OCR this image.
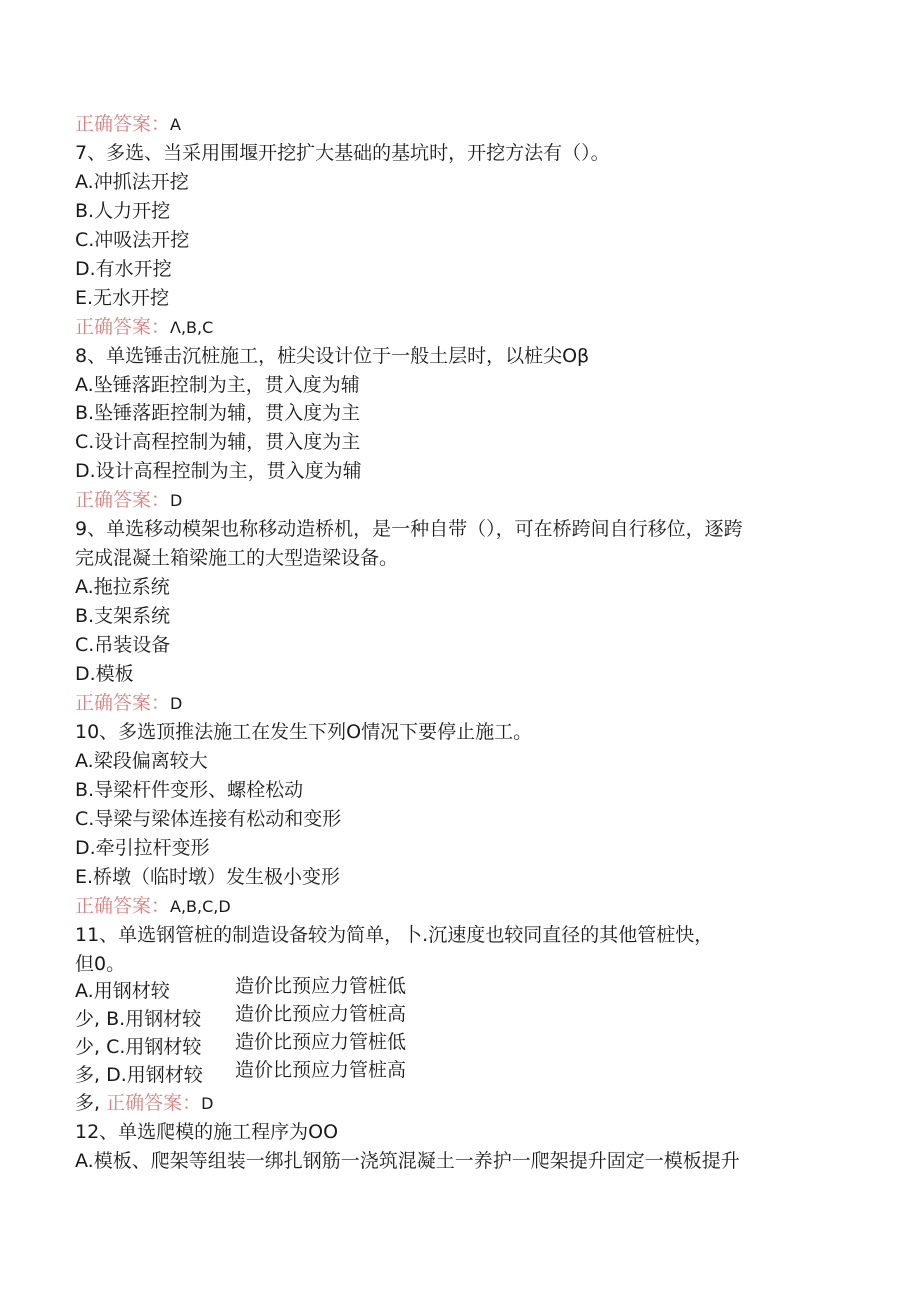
正确答案：A
7、多选、当采用围堰开挖扩大基础的基坑时，开挖方法有（）。
A.冲抓法开挖
B.人力开挖
C.冲吸法开挖
D.有水开挖
E.无水开挖
正确答案：Λ,B,C
8、单选锤击沉桩施工，桩尖设计位于一般土层时，以桩尖Oβ
A.坠锤落距控制为主，贯入度为辅
B.坠锤落距控制为辅，贯入度为主
C.设计高程控制为辅，贯入度为主
D.设计高程控制为主，贯入度为辅
正确答案：D
9、单选移动模架也称移动造桥机，是一种自带（），可在桥跨间自行移位，逐跨
完成混凝土箱梁施工的大型造梁设备。
A.拖拉系统
B.支架系统
C.吊装设备
D.模板
正确答案：D
10、多选顶推法施工在发生下列O情况下要停止施工。
A.梁段偏离较大
B.导梁杆件变形、螺栓松动
C.导梁与梁体连接有松动和变形
D.牵引拉杆变形
E.桥墩（临时墩）发生极小变形
正确答案：A,B,C,D
11、单选钢管桩的制造设备较为简单，卜.沉速度也较同直径的其他管桩快，
但0。
A.用钢材较	造价比预应力管桩低
少, B.用钢材较 造价比预应力管桩高
少, C.用钢材较 造价比预应力管桩低
多, D.用钢材较 造价比预应力管桩高
多, 正确答案：D
12、单选爬模的施工程序为OO
A.模板、爬架等组装一绑扎钢筋一浇筑混凝土一养护一爬架提升固定一模板提升
